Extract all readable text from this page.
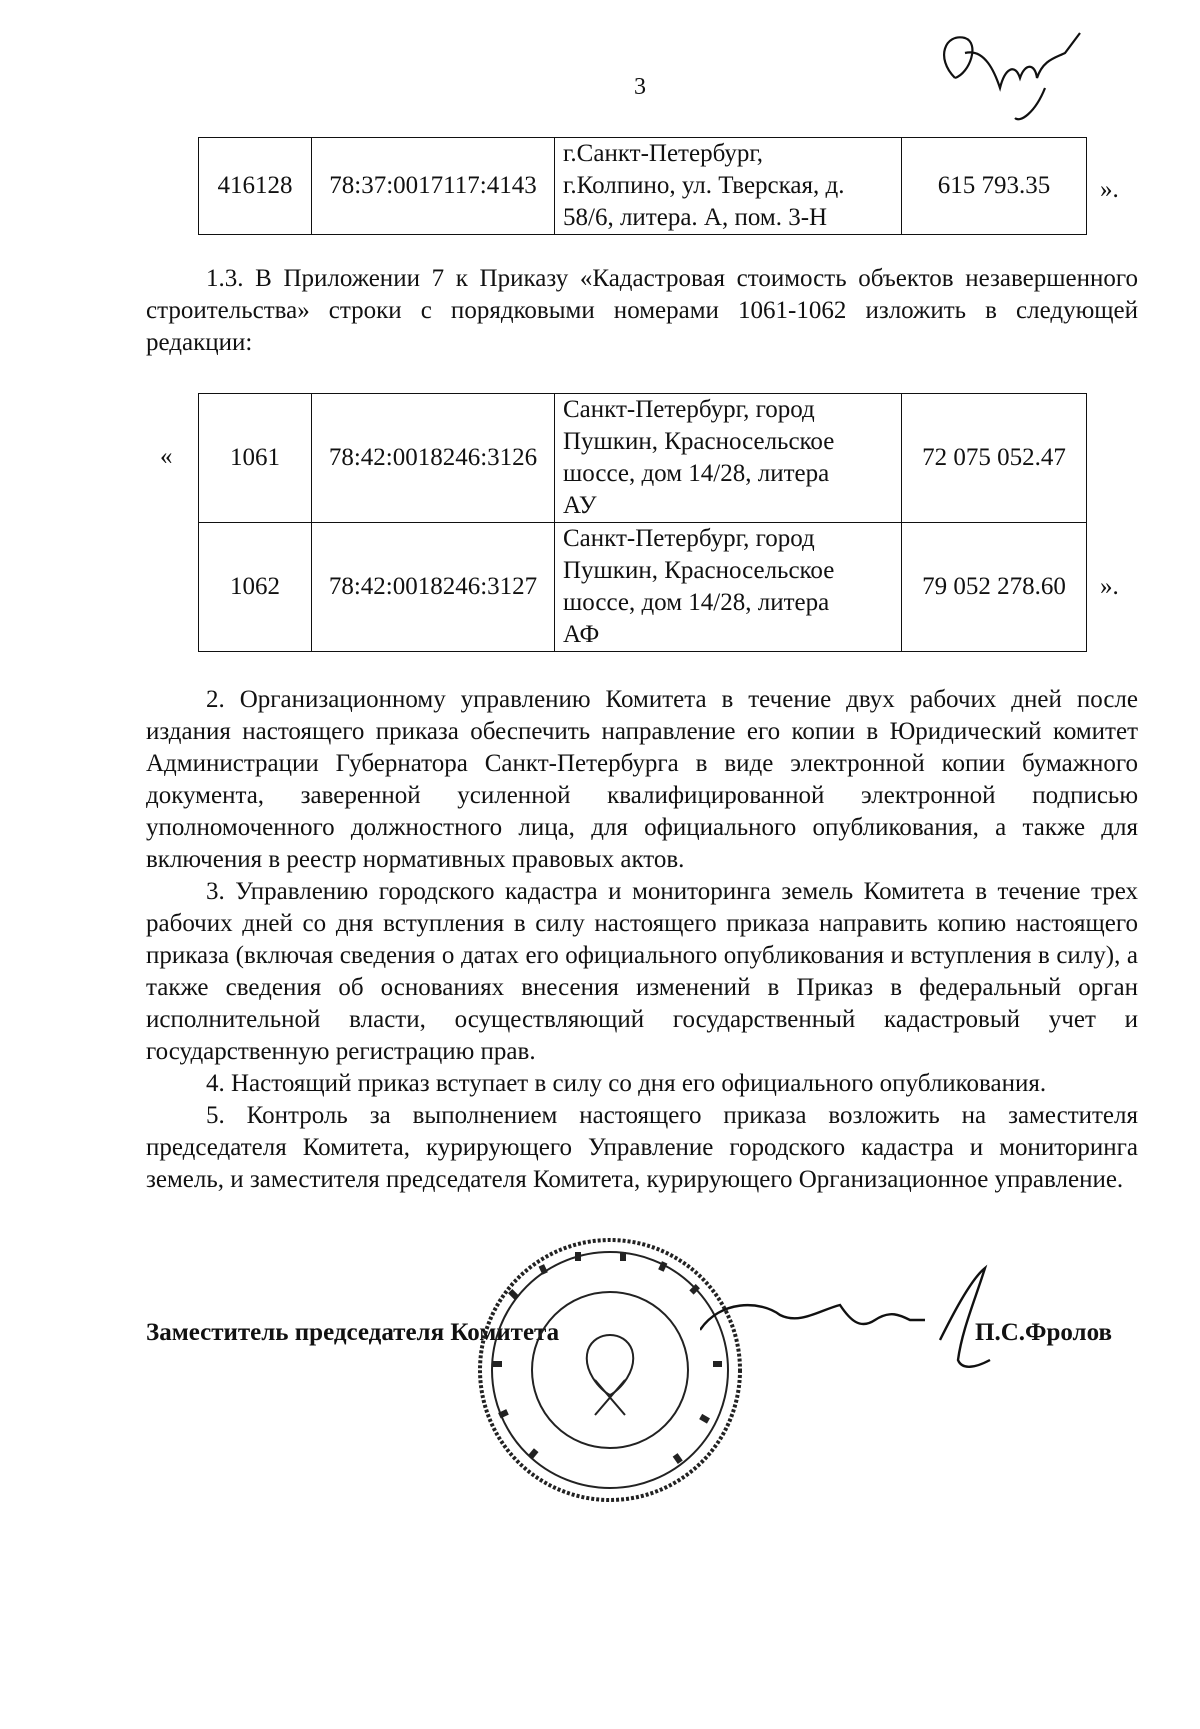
3
416128	78:37:0017117:4143	
г.Санкт-Петербург,
г.Колпино, ул. Тверская, д.
58/6, литера. А, пом. 3-Н
	615 793.35 ».

1.3. В Приложении 7 к Приказу «Кадастровая стоимость объектов незавершенного строительства» строки с порядковыми номерами 1061-1062 изложить в следующей редакции:

« 1061	78:42:0018246:3126	Санкт-Петербург, город
Пушкин, Красносельское
шоссе, дом 14/28, литера
АУ	72 075 052.47
1062	78:42:0018246:3127	Санкт-Петербург, город
Пушкин, Красносельское
шоссе, дом 14/28, литера
АФ	79 052 278.60 ».

2. Организационному управлению Комитета в течение двух рабочих дней после издания настоящего приказа обеспечить направление его копии в Юридический комитет Администрации Губернатора Санкт-Петербурга в виде электронной копии бумажного документа, заверенной усиленной квалифицированной электронной подписью уполномоченного должностного лица, для официального опубликования, а также для включения в реестр нормативных правовых актов.

3. Управлению городского кадастра и мониторинга земель Комитета в течение трех рабочих дней со дня вступления в силу настоящего приказа направить копию настоящего приказа (включая сведения о датах его официального опубликования и вступления в силу), а также сведения об основаниях внесения изменений в Приказ в федеральный орган исполнительной власти, осуществляющий государственный кадастровый учет и государственную регистрацию прав.

4. Настоящий приказ вступает в силу со дня его официального опубликования.

5. Контроль за выполнением настоящего приказа возложить на заместителя председателя Комитета, курирующего Управление городского кадастра и мониторинга земель, и заместителя председателя Комитета, курирующего Организационное управление.

Заместитель председателя Комитета	П.С.Фролов
